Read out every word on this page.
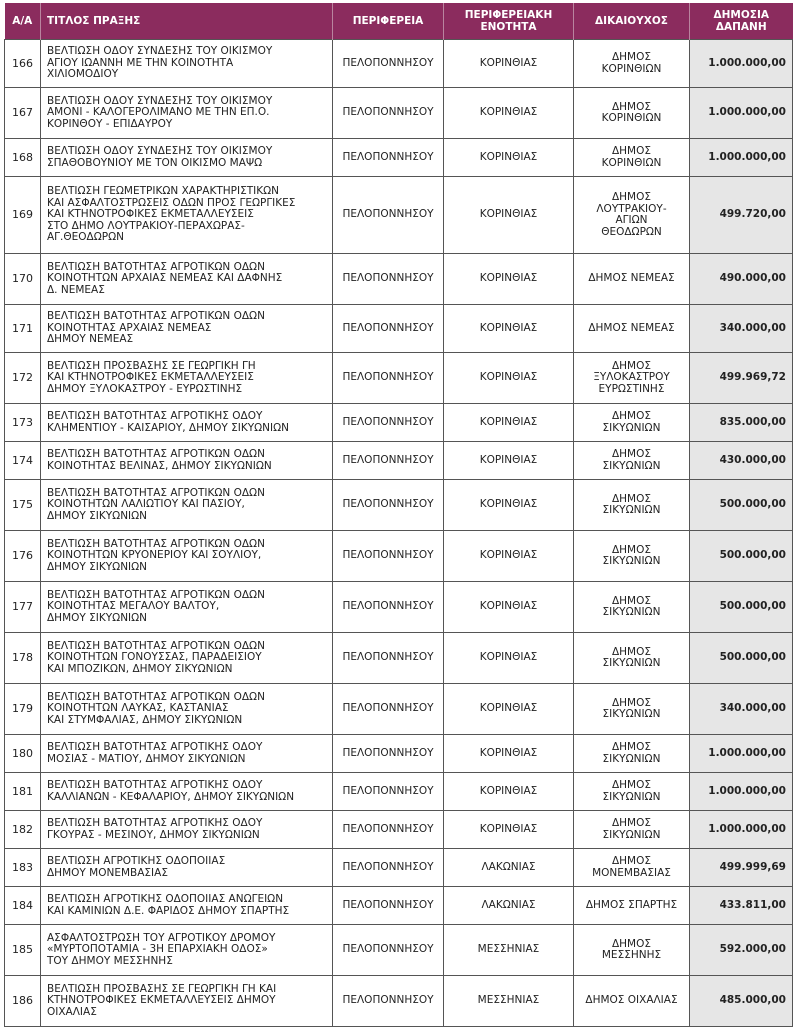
Α/Α	ΤΙΤΛΟΣ ΠΡΑΞΗΣ	ΠΕΡΙΦΕΡΕΙΑ	ΠΕΡΙΦΕΡΕΙΑΚΗ
ΕΝΟΤΗΤΑ	ΔΙΚΑΙΟΥΧΟΣ	ΔΗΜΟΣΙΑ
ΔΑΠΑΝΗ

166	ΒΕΛΤΙΩΣΗ ΟΔΟΥ ΣΥΝΔΕΣΗΣ ΤΟΥ ΟΙΚΙΣΜΟΥ
ΑΓΙΟΥ ΙΩΑΝΝΗ ΜΕ ΤΗΝ ΚΟΙΝΟΤΗΤΑ
ΧΙΛΙΟΜΟΔΙΟΥ	ΠΕΛΟΠΟΝΝΗΣΟΥ	ΚΟΡΙΝΘΙΑΣ	ΔΗΜΟΣ
ΚΟΡΙΝΘΙΩΝ	1.000.000,00
167	ΒΕΛΤΙΩΣΗ ΟΔΟΥ ΣΥΝΔΕΣΗΣ ΤΟΥ ΟΙΚΙΣΜΟΥ
ΑΜΟΝΙ - ΚΑΛΟΓΕΡΟΛΙΜΑΝΟ ΜΕ ΤΗΝ ΕΠ.Ο.
ΚΟΡΙΝΘΟΥ - ΕΠΙΔΑΥΡΟΥ	ΠΕΛΟΠΟΝΝΗΣΟΥ	ΚΟΡΙΝΘΙΑΣ	ΔΗΜΟΣ
ΚΟΡΙΝΘΙΩΝ	1.000.000,00
168	ΒΕΛΤΙΩΣΗ ΟΔΟΥ ΣΥΝΔΕΣΗΣ ΤΟΥ ΟΙΚΙΣΜΟΥ
ΣΠΑΘΟΒΟΥΝΙΟΥ ΜΕ ΤΟΝ ΟΙΚΙΣΜΟ ΜΑΨΩ	ΠΕΛΟΠΟΝΝΗΣΟΥ	ΚΟΡΙΝΘΙΑΣ	ΔΗΜΟΣ
ΚΟΡΙΝΘΙΩΝ	1.000.000,00
169	ΒΕΛΤΙΩΣΗ ΓΕΩΜΕΤΡΙΚΩΝ ΧΑΡΑΚΤΗΡΙΣΤΙΚΩΝ
ΚΑΙ ΑΣΦΑΛΤΟΣΤΡΩΣΕΙΣ ΟΔΩΝ ΠΡΟΣ ΓΕΩΡΓΙΚΕΣ
ΚΑΙ ΚΤΗΝΟΤΡΟΦΙΚΕΣ ΕΚΜΕΤΑΛΛΕΥΣΕΙΣ
ΣΤΟ ΔΗΜΟ ΛΟΥΤΡΑΚΙΟΥ-ΠΕΡΑΧΩΡΑΣ-
ΑΓ.ΘΕΟΔΩΡΩΝ	ΠΕΛΟΠΟΝΝΗΣΟΥ	ΚΟΡΙΝΘΙΑΣ	ΔΗΜΟΣ
ΛΟΥΤΡΑΚΙΟΥ-
ΑΓΙΩΝ
ΘΕΟΔΩΡΩΝ	499.720,00
170	ΒΕΛΤΙΩΣΗ ΒΑΤΟΤΗΤΑΣ ΑΓΡΟΤΙΚΩΝ ΟΔΩΝ
ΚΟΙΝΟΤΗΤΩΝ ΑΡΧΑΙΑΣ ΝΕΜΕΑΣ ΚΑΙ ΔΑΦΝΗΣ
Δ. ΝΕΜΕΑΣ	ΠΕΛΟΠΟΝΝΗΣΟΥ	ΚΟΡΙΝΘΙΑΣ	ΔΗΜΟΣ ΝΕΜΕΑΣ	490.000,00
171	ΒΕΛΤΙΩΣΗ ΒΑΤΟΤΗΤΑΣ ΑΓΡΟΤΙΚΩΝ ΟΔΩΝ
ΚΟΙΝΟΤΗΤΑΣ ΑΡΧΑΙΑΣ ΝΕΜΕΑΣ
ΔΗΜΟΥ ΝΕΜΕΑΣ	ΠΕΛΟΠΟΝΝΗΣΟΥ	ΚΟΡΙΝΘΙΑΣ	ΔΗΜΟΣ ΝΕΜΕΑΣ	340.000,00
172	ΒΕΛΤΙΩΣΗ ΠΡΟΣΒΑΣΗΣ ΣΕ ΓΕΩΡΓΙΚΗ ΓΗ
ΚΑΙ ΚΤΗΝΟΤΡΟΦΙΚΕΣ ΕΚΜΕΤΑΛΛΕΥΣΕΙΣ
ΔΗΜΟΥ ΞΥΛΟΚΑΣΤΡΟΥ - ΕΥΡΩΣΤΙΝΗΣ	ΠΕΛΟΠΟΝΝΗΣΟΥ	ΚΟΡΙΝΘΙΑΣ	ΔΗΜΟΣ
ΞΥΛΟΚΑΣΤΡΟΥ
ΕΥΡΩΣΤΙΝΗΣ	499.969,72
173	ΒΕΛΤΙΩΣΗ ΒΑΤΟΤΗΤΑΣ ΑΓΡΟΤΙΚΗΣ ΟΔΟΥ
ΚΛΗΜΕΝΤΙΟΥ - ΚΑΙΣΑΡΙΟΥ, ΔΗΜΟΥ ΣΙΚΥΩΝΙΩΝ	ΠΕΛΟΠΟΝΝΗΣΟΥ	ΚΟΡΙΝΘΙΑΣ	ΔΗΜΟΣ
ΣΙΚΥΩΝΙΩΝ	835.000,00
174	ΒΕΛΤΙΩΣΗ ΒΑΤΟΤΗΤΑΣ ΑΓΡΟΤΙΚΩΝ ΟΔΩΝ
ΚΟΙΝΟΤΗΤΑΣ ΒΕΛΙΝΑΣ, ΔΗΜΟΥ ΣΙΚΥΩΝΙΩΝ	ΠΕΛΟΠΟΝΝΗΣΟΥ	ΚΟΡΙΝΘΙΑΣ	ΔΗΜΟΣ
ΣΙΚΥΩΝΙΩΝ	430.000,00
175	ΒΕΛΤΙΩΣΗ ΒΑΤΟΤΗΤΑΣ ΑΓΡΟΤΙΚΩΝ ΟΔΩΝ
ΚΟΙΝΟΤΗΤΩΝ ΛΑΛΙΩΤΙΟΥ ΚΑΙ ΠΑΣΙΟΥ,
ΔΗΜΟΥ ΣΙΚΥΩΝΙΩΝ	ΠΕΛΟΠΟΝΝΗΣΟΥ	ΚΟΡΙΝΘΙΑΣ	ΔΗΜΟΣ
ΣΙΚΥΩΝΙΩΝ	500.000,00
176	ΒΕΛΤΙΩΣΗ ΒΑΤΟΤΗΤΑΣ ΑΓΡΟΤΙΚΩΝ ΟΔΩΝ
ΚΟΙΝΟΤΗΤΩΝ ΚΡΥΟΝΕΡΙΟΥ ΚΑΙ ΣΟΥΛΙΟΥ,
ΔΗΜΟΥ ΣΙΚΥΩΝΙΩΝ	ΠΕΛΟΠΟΝΝΗΣΟΥ	ΚΟΡΙΝΘΙΑΣ	ΔΗΜΟΣ
ΣΙΚΥΩΝΙΩΝ	500.000,00
177	ΒΕΛΤΙΩΣΗ ΒΑΤΟΤΗΤΑΣ ΑΓΡΟΤΙΚΩΝ ΟΔΩΝ
ΚΟΙΝΟΤΗΤΑΣ ΜΕΓΑΛΟΥ ΒΑΛΤΟΥ,
ΔΗΜΟΥ ΣΙΚΥΩΝΙΩΝ	ΠΕΛΟΠΟΝΝΗΣΟΥ	ΚΟΡΙΝΘΙΑΣ	ΔΗΜΟΣ
ΣΙΚΥΩΝΙΩΝ	500.000,00
178	ΒΕΛΤΙΩΣΗ ΒΑΤΟΤΗΤΑΣ ΑΓΡΟΤΙΚΩΝ ΟΔΩΝ
ΚΟΙΝΟΤΗΤΩΝ ΓΟΝΟΥΣΣΑΣ, ΠΑΡΑΔΕΙΣΙΟΥ
ΚΑΙ ΜΠΟΖΙΚΩΝ, ΔΗΜΟΥ ΣΙΚΥΩΝΙΩΝ	ΠΕΛΟΠΟΝΝΗΣΟΥ	ΚΟΡΙΝΘΙΑΣ	ΔΗΜΟΣ
ΣΙΚΥΩΝΙΩΝ	500.000,00
179	ΒΕΛΤΙΩΣΗ ΒΑΤΟΤΗΤΑΣ ΑΓΡΟΤΙΚΩΝ ΟΔΩΝ
ΚΟΙΝΟΤΗΤΩΝ ΛΑΥΚΑΣ, ΚΑΣΤΑΝΙΑΣ
ΚΑΙ ΣΤΥΜΦΑΛΙΑΣ, ΔΗΜΟΥ ΣΙΚΥΩΝΙΩΝ	ΠΕΛΟΠΟΝΝΗΣΟΥ	ΚΟΡΙΝΘΙΑΣ	ΔΗΜΟΣ
ΣΙΚΥΩΝΙΩΝ	340.000,00
180	ΒΕΛΤΙΩΣΗ ΒΑΤΟΤΗΤΑΣ ΑΓΡΟΤΙΚΗΣ ΟΔΟΥ
ΜΟΣΙΑΣ - ΜΑΤΙΟΥ, ΔΗΜΟΥ ΣΙΚΥΩΝΙΩΝ	ΠΕΛΟΠΟΝΝΗΣΟΥ	ΚΟΡΙΝΘΙΑΣ	ΔΗΜΟΣ
ΣΙΚΥΩΝΙΩΝ	1.000.000,00
181	ΒΕΛΤΙΩΣΗ ΒΑΤΟΤΗΤΑΣ ΑΓΡΟΤΙΚΗΣ ΟΔΟΥ
ΚΑΛΛΙΑΝΩΝ - ΚΕΦΑΛΑΡΙΟΥ, ΔΗΜΟΥ ΣΙΚΥΩΝΙΩΝ	ΠΕΛΟΠΟΝΝΗΣΟΥ	ΚΟΡΙΝΘΙΑΣ	ΔΗΜΟΣ
ΣΙΚΥΩΝΙΩΝ	1.000.000,00
182	ΒΕΛΤΙΩΣΗ ΒΑΤΟΤΗΤΑΣ ΑΓΡΟΤΙΚΗΣ ΟΔΟΥ
ΓΚΟΥΡΑΣ - ΜΕΣΙΝΟΥ, ΔΗΜΟΥ ΣΙΚΥΩΝΙΩΝ	ΠΕΛΟΠΟΝΝΗΣΟΥ	ΚΟΡΙΝΘΙΑΣ	ΔΗΜΟΣ
ΣΙΚΥΩΝΙΩΝ	1.000.000,00
183	ΒΕΛΤΙΩΣΗ ΑΓΡΟΤΙΚΗΣ ΟΔΟΠΟΙΙΑΣ
ΔΗΜΟΥ ΜΟΝΕΜΒΑΣΙΑΣ	ΠΕΛΟΠΟΝΝΗΣΟΥ	ΛΑΚΩΝΙΑΣ	ΔΗΜΟΣ
ΜΟΝΕΜΒΑΣΙΑΣ	499.999,69
184	ΒΕΛΤΙΩΣΗ ΑΓΡΟΤΙΚΗΣ ΟΔΟΠΟΙΙΑΣ ΑΝΩΓΕΙΩΝ
ΚΑΙ ΚΑΜΙΝΙΩΝ Δ.Ε. ΦΑΡΙΔΟΣ ΔΗΜΟΥ ΣΠΑΡΤΗΣ	ΠΕΛΟΠΟΝΝΗΣΟΥ	ΛΑΚΩΝΙΑΣ	ΔΗΜΟΣ ΣΠΑΡΤΗΣ	433.811,00
185	ΑΣΦΑΛΤΟΣΤΡΩΣΗ ΤΟΥ ΑΓΡΟΤΙΚΟΥ ΔΡΟΜΟΥ
«ΜΥΡΤΟΠΟΤΑΜΙΑ - 3Η ΕΠΑΡΧΙΑΚΗ ΟΔΟΣ»
ΤΟΥ ΔΗΜΟΥ ΜΕΣΣΗΝΗΣ	ΠΕΛΟΠΟΝΝΗΣΟΥ	ΜΕΣΣΗΝΙΑΣ	ΔΗΜΟΣ
ΜΕΣΣΗΝΗΣ	592.000,00
186	ΒΕΛΤΙΩΣΗ ΠΡΟΣΒΑΣΗΣ ΣΕ ΓΕΩΡΓΙΚΗ ΓΗ ΚΑΙ
ΚΤΗΝΟΤΡΟΦΙΚΕΣ ΕΚΜΕΤΑΛΛΕΥΣΕΙΣ ΔΗΜΟΥ
ΟΙΧΑΛΙΑΣ	ΠΕΛΟΠΟΝΝΗΣΟΥ	ΜΕΣΣΗΝΙΑΣ	ΔΗΜΟΣ ΟΙΧΑΛΙΑΣ	485.000,00
